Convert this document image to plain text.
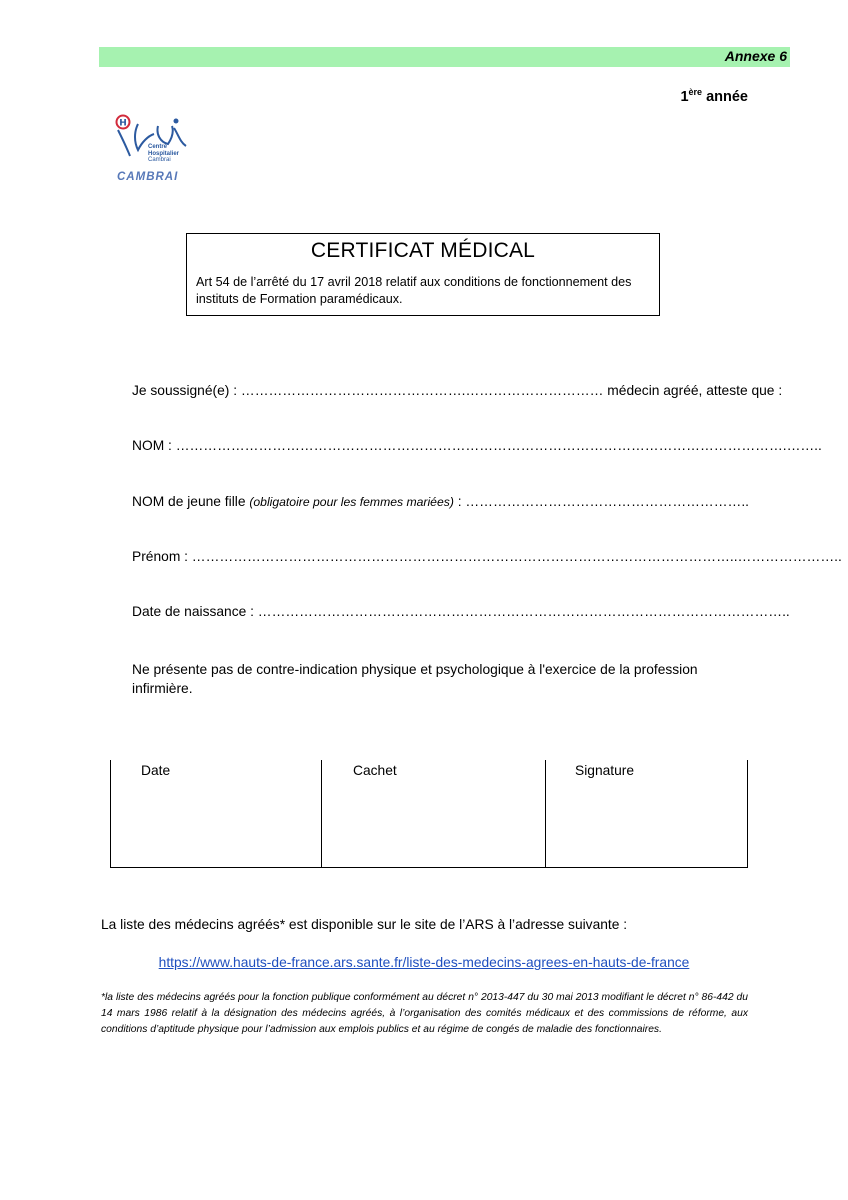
Annexe 6
1ère année
H
Centre
Hospitalier
Cambrai
CAMBRAI
CERTIFICAT MÉDICAL
Art 54 de l’arrêté du 17 avril 2018 relatif aux conditions de fonctionnement des instituts de Formation paramédicaux.
Je soussigné(e) : ………………………………………….………………………… médecin agréé, atteste que :
NOM : …………………………………………………………………………………………………………………….……..
NOM de jeune fille (obligatoire pour les femmes mariées) : ……………………………………………………..
Prénom : ………………………………………………………………………………………………………..…………………..
Date de naissance : ……………………………………………………………………………………………………..
Ne présente pas de contre-indication physique et psychologique à l'exercice de la profession infirmière.
Date	Cachet	Signature
La liste des médecins agréés* est disponible sur le site de l’ARS à l’adresse suivante :
https://www.hauts-de-france.ars.sante.fr/liste-des-medecins-agrees-en-hauts-de-france
*la liste des médecins agréés pour la fonction publique conformément au décret n° 2013-447 du 30 mai 2013 modifiant le décret n° 86-442 du 14 mars 1986 relatif à la désignation des médecins agréés, à l’organisation des comités médicaux et des commissions de réforme, aux conditions d’aptitude physique pour l’admission aux emplois publics et au régime de congés de maladie des fonctionnaires.
